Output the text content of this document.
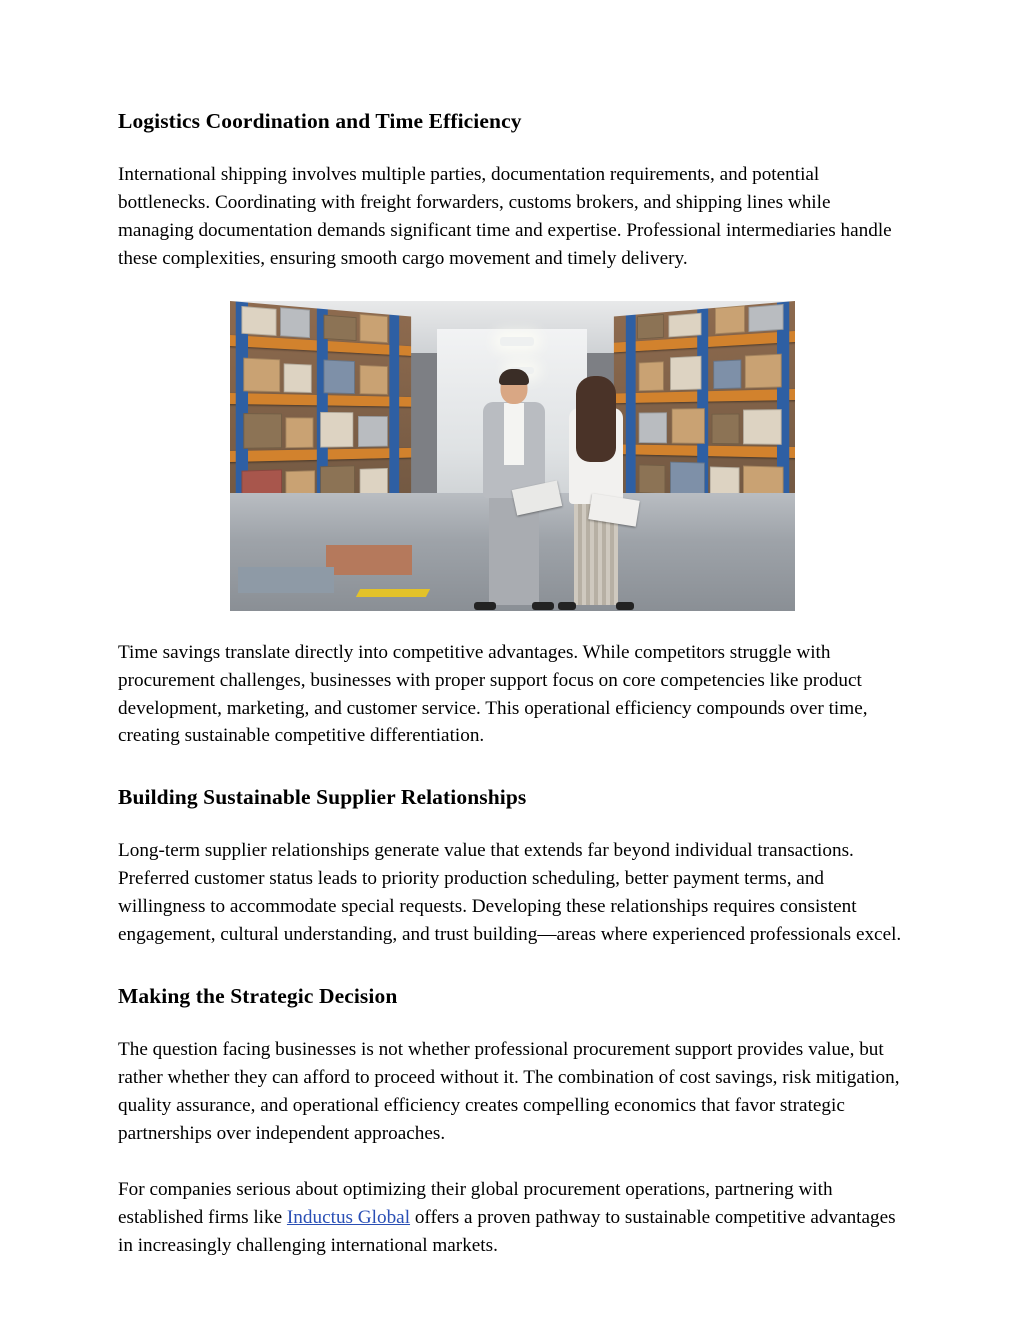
Logistics Coordination and Time Efficiency

International shipping involves multiple parties, documentation requirements, and potential bottlenecks. Coordinating with freight forwarders, customs brokers, and shipping lines while managing documentation demands significant time and expertise. Professional intermediaries handle these complexities, ensuring smooth cargo movement and timely delivery.

Time savings translate directly into competitive advantages. While competitors struggle with procurement challenges, businesses with proper support focus on core competencies like product development, marketing, and customer service. This operational efficiency compounds over time, creating sustainable competitive differentiation.

Building Sustainable Supplier Relationships

Long-term supplier relationships generate value that extends far beyond individual transactions. Preferred customer status leads to priority production scheduling, better payment terms, and willingness to accommodate special requests. Developing these relationships requires consistent engagement, cultural understanding, and trust building—areas where experienced professionals excel.

Making the Strategic Decision

The question facing businesses is not whether professional procurement support provides value, but rather whether they can afford to proceed without it. The combination of cost savings, risk mitigation, quality assurance, and operational efficiency creates compelling economics that favor strategic partnerships over independent approaches.

For companies serious about optimizing their global procurement operations, partnering with established firms like Inductus Global offers a proven pathway to sustainable competitive advantages in increasingly challenging international markets.
